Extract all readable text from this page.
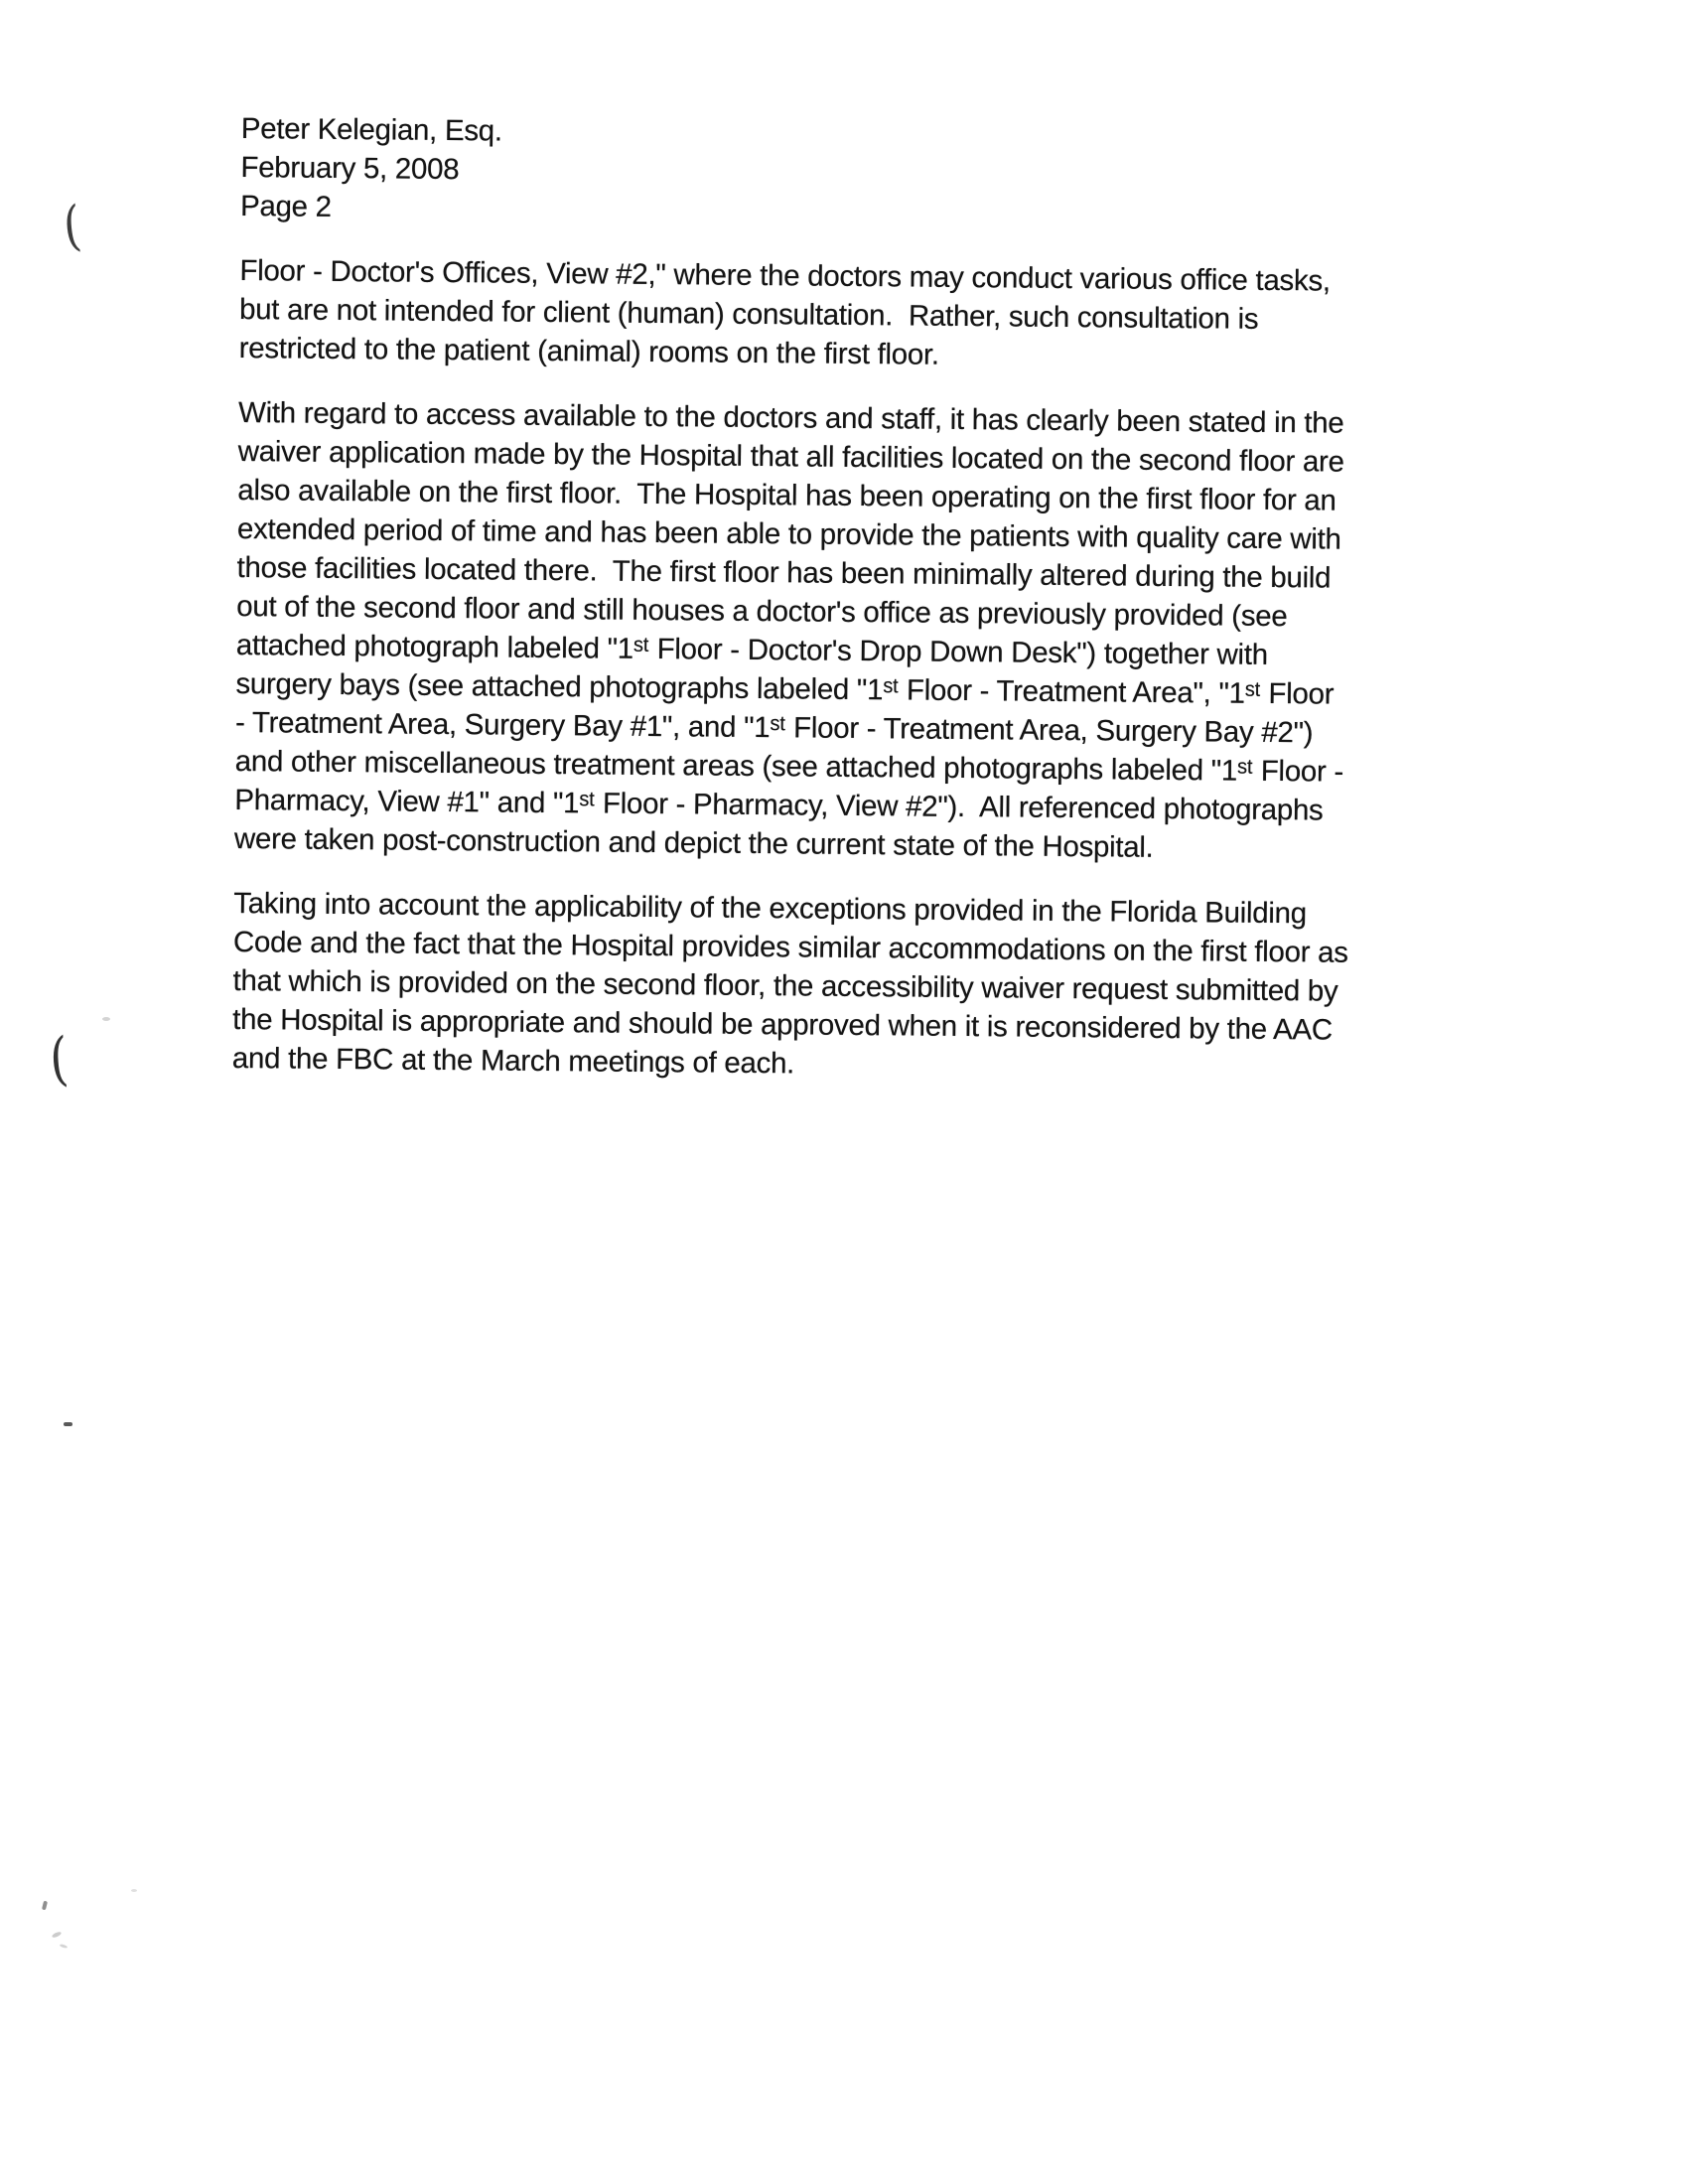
(
(
Peter Kelegian, Esq.
February 5, 2008
Page 2
Floor - Doctor's Offices, View #2," where the doctors may conduct various office tasks,
but are not intended for client (human) consultation.  Rather, such consultation is
restricted to the patient (animal) rooms on the first floor.
With regard to access available to the doctors and staff, it has clearly been stated in the
waiver application made by the Hospital that all facilities located on the second floor are
also available on the first floor.  The Hospital has been operating on the first floor for an
extended period of time and has been able to provide the patients with quality care with
those facilities located there.  The first floor has been minimally altered during the build
out of the second floor and still houses a doctor's office as previously provided (see
attached photograph labeled "1ˢᵗ Floor - Doctor's Drop Down Desk") together with
surgery bays (see attached photographs labeled "1ˢᵗ Floor - Treatment Area", "1ˢᵗ Floor
- Treatment Area, Surgery Bay #1", and "1ˢᵗ Floor - Treatment Area, Surgery Bay #2")
and other miscellaneous treatment areas (see attached photographs labeled "1ˢᵗ Floor -
Pharmacy, View #1" and "1ˢᵗ Floor - Pharmacy, View #2").  All referenced photographs
were taken post-construction and depict the current state of the Hospital.
Taking into account the applicability of the exceptions provided in the Florida Building
Code and the fact that the Hospital provides similar accommodations on the first floor as
that which is provided on the second floor, the accessibility waiver request submitted by
the Hospital is appropriate and should be approved when it is reconsidered by the AAC
and the FBC at the March meetings of each.
